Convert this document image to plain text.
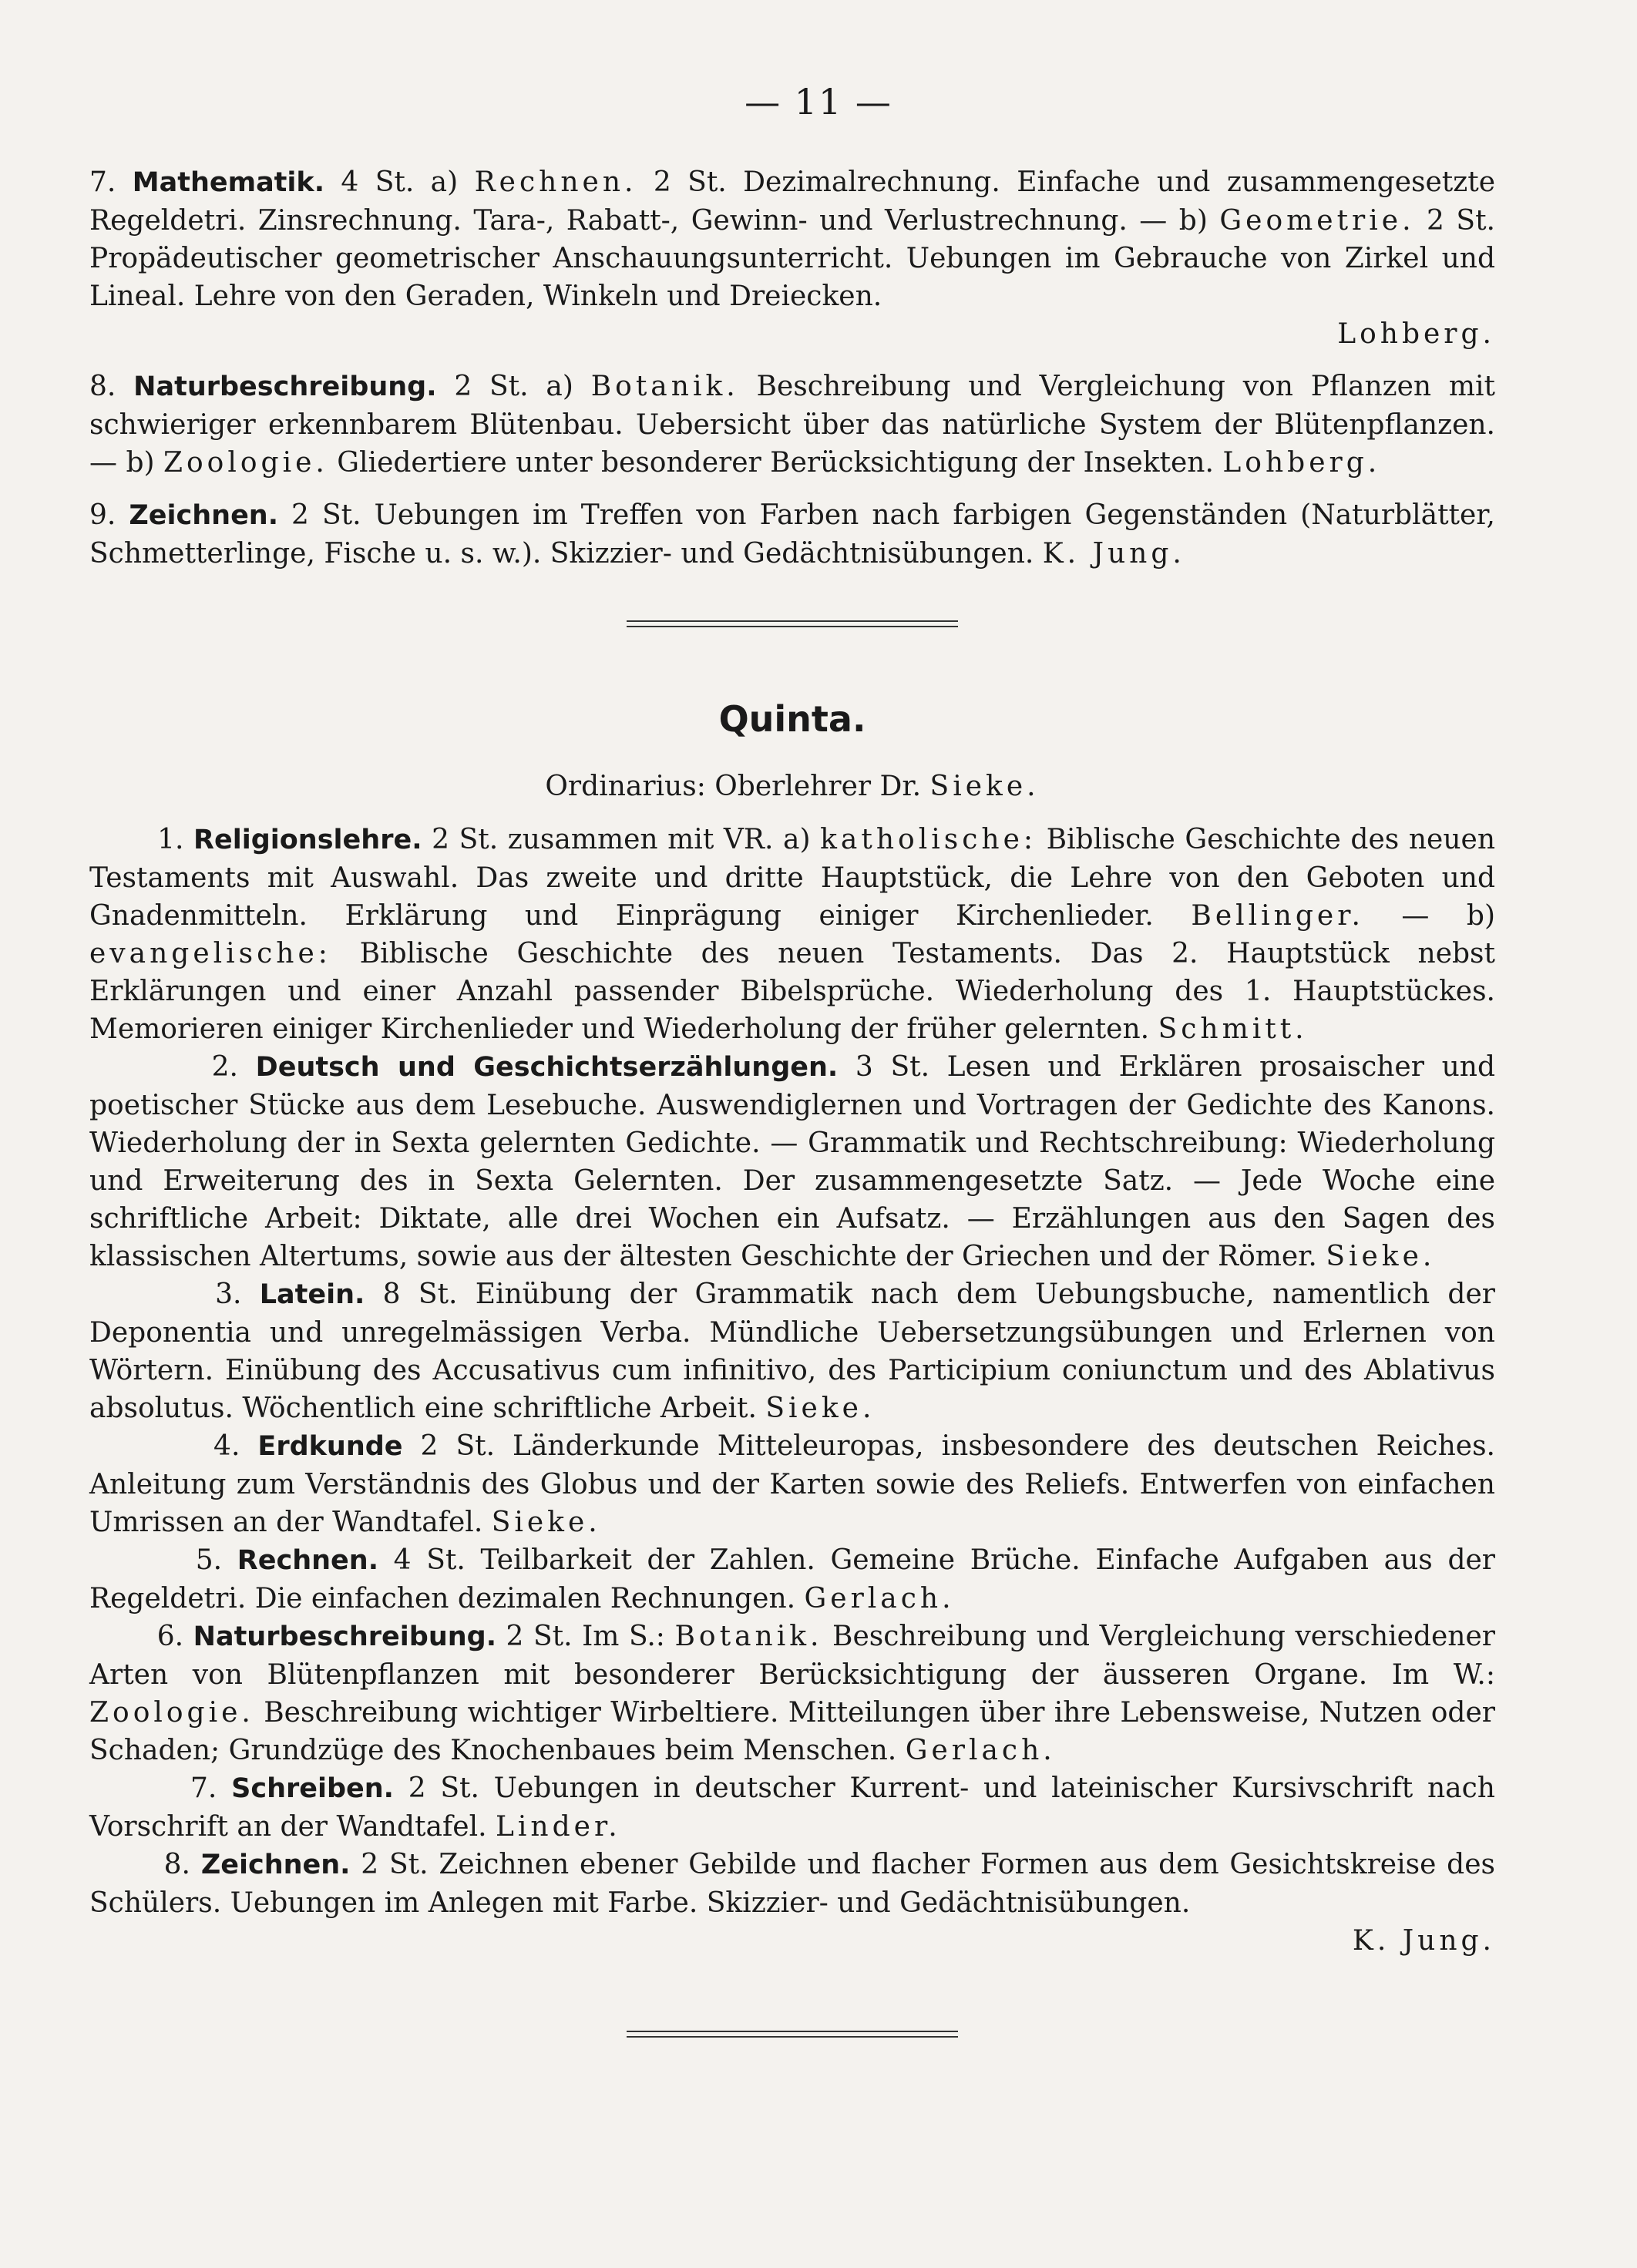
— 11 —

7. Mathematik. 4 St. a) Rechnen. 2 St. Dezimalrechnung. Einfache und zusammengesetzte Regeldetri. Zinsrechnung. Tara-, Rabatt-, Gewinn- und Verlustrechnung. — b) Geometrie. 2 St. Propädeutischer geometrischer Anschauungsunterricht. Uebungen im Gebrauche von Zirkel und Lineal. Lehre von den Geraden, Winkeln und Dreiecken.
Lohberg.

8. Naturbeschreibung. 2 St. a) Botanik. Beschreibung und Vergleichung von Pflanzen mit schwieriger erkennbarem Blütenbau. Uebersicht über das natürliche System der Blütenpflanzen. — b) Zoologie. Gliedertiere unter besonderer Berücksichtigung der Insekten. Lohberg.

9. Zeichnen. 2 St. Uebungen im Treffen von Farben nach farbigen Gegenständen (Naturblätter, Schmetterlinge, Fische u. s. w.). Skizzier- und Gedächtnisübungen. K. Jung.

Quinta.

Ordinarius: Oberlehrer Dr. Sieke.

1. Religionslehre. 2 St. zusammen mit VR. a) katholische: Biblische Geschichte des neuen Testaments mit Auswahl. Das zweite und dritte Hauptstück, die Lehre von den Geboten und Gnadenmitteln. Erklärung und Einprägung einiger Kirchenlieder. Bellinger. — b) evangelische: Biblische Geschichte des neuen Testaments. Das 2. Hauptstück nebst Erklärungen und einer Anzahl passender Bibelsprüche. Wiederholung des 1. Hauptstückes. Memorieren einiger Kirchenlieder und Wiederholung der früher gelernten. Schmitt.

2. Deutsch und Geschichtserzählungen. 3 St. Lesen und Erklären prosaischer und poetischer Stücke aus dem Lesebuche. Auswendiglernen und Vortragen der Gedichte des Kanons. Wiederholung der in Sexta gelernten Gedichte. — Grammatik und Rechtschreibung: Wiederholung und Erweiterung des in Sexta Gelernten. Der zusammengesetzte Satz. — Jede Woche eine schriftliche Arbeit: Diktate, alle drei Wochen ein Aufsatz. — Erzählungen aus den Sagen des klassischen Altertums, sowie aus der ältesten Geschichte der Griechen und der Römer. Sieke.

3. Latein. 8 St. Einübung der Grammatik nach dem Uebungsbuche, namentlich der Deponentia und unregelmässigen Verba. Mündliche Uebersetzungsübungen und Erlernen von Wörtern. Einübung des Accusativus cum infinitivo, des Participium coniunctum und des Ablativus absolutus. Wöchentlich eine schriftliche Arbeit. Sieke.

4. Erdkunde 2 St. Länderkunde Mitteleuropas, insbesondere des deutschen Reiches. Anleitung zum Verständnis des Globus und der Karten sowie des Reliefs. Entwerfen von einfachen Umrissen an der Wandtafel. Sieke.

5. Rechnen. 4 St. Teilbarkeit der Zahlen. Gemeine Brüche. Einfache Aufgaben aus der Regeldetri. Die einfachen dezimalen Rechnungen. Gerlach.

6. Naturbeschreibung. 2 St. Im S.: Botanik. Beschreibung und Vergleichung verschiedener Arten von Blütenpflanzen mit besonderer Berücksichtigung der äusseren Organe. Im W.: Zoologie. Beschreibung wichtiger Wirbeltiere. Mitteilungen über ihre Lebensweise, Nutzen oder Schaden; Grundzüge des Knochenbaues beim Menschen. Gerlach.

7. Schreiben. 2 St. Uebungen in deutscher Kurrent- und lateinischer Kursivschrift nach Vorschrift an der Wandtafel. Linder.

8. Zeichnen. 2 St. Zeichnen ebener Gebilde und flacher Formen aus dem Gesichtskreise des Schülers. Uebungen im Anlegen mit Farbe. Skizzier- und Gedächtnisübungen.
K. Jung.
